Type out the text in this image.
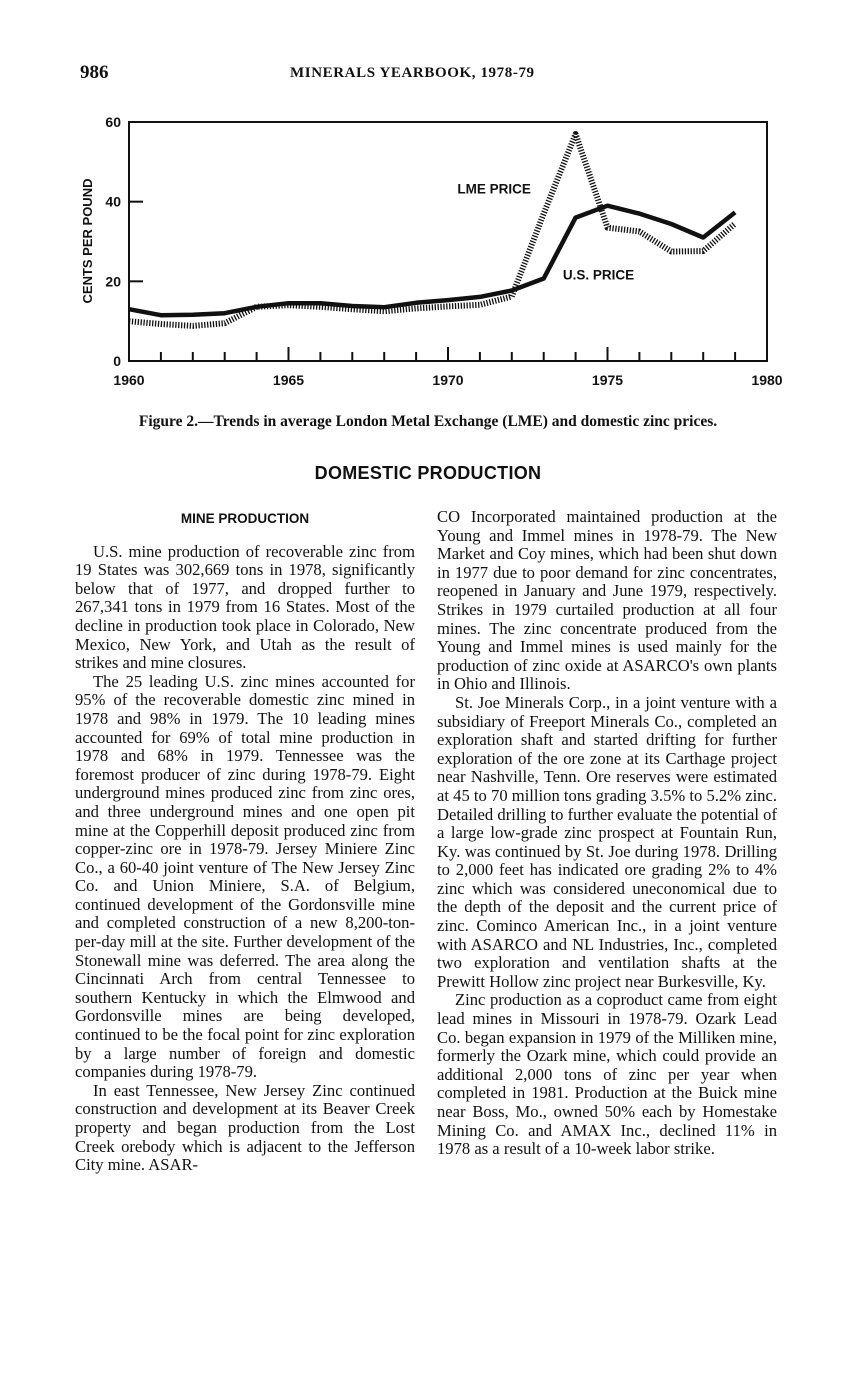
986	MINERALS YEARBOOK, 1978-79
0
20
40
60
1960	1965	1970	1975	1980
CENTS PER POUND	LME PRICE
U.S. PRICE
Figure 2.—Trends in average London Metal Exchange (LME) and domestic zinc prices.
DOMESTIC PRODUCTION
MINE PRODUCTION

U.S. mine production of recoverable zinc from 19 States was 302,669 tons in 1978, significantly below that of 1977, and dropped further to 267,341 tons in 1979 from 16 States. Most of the decline in production took place in Colorado, New Mexico, New York, and Utah as the result of strikes and mine closures.

The 25 leading U.S. zinc mines accounted for 95% of the recoverable domestic zinc mined in 1978 and 98% in 1979. The 10 leading mines accounted for 69% of total mine production in 1978 and 68% in 1979. Tennessee was the foremost producer of zinc during 1978-79. Eight underground mines produced zinc from zinc ores, and three underground mines and one open pit mine at the Copperhill deposit produced zinc from copper-zinc ore in 1978-79. Jersey Miniere Zinc Co., a 60-40 joint venture of The New Jersey Zinc Co. and Union Miniere, S.A. of Belgium, continued development of the Gordonsville mine and completed construction of a new 8,200-ton-per-day mill at the site. Further development of the Stonewall mine was deferred. The area along the Cincinnati Arch from central Tennessee to southern Kentucky in which the Elmwood and Gordonsville mines are being developed, continued to be the focal point for zinc exploration by a large number of foreign and domestic companies during 1978-79.

In east Tennessee, New Jersey Zinc continued construction and development at its Beaver Creek property and began production from the Lost Creek orebody which is adjacent to the Jefferson City mine. ASAR-

CO Incorporated maintained production at the Young and Immel mines in 1978-79. The New Market and Coy mines, which had been shut down in 1977 due to poor demand for zinc concentrates, reopened in January and June 1979, respectively. Strikes in 1979 curtailed production at all four mines. The zinc concentrate produced from the Young and Immel mines is used mainly for the production of zinc oxide at ASARCO's own plants in Ohio and Illinois.

St. Joe Minerals Corp., in a joint venture with a subsidiary of Freeport Minerals Co., completed an exploration shaft and started drifting for further exploration of the ore zone at its Carthage project near Nashville, Tenn. Ore reserves were estimated at 45 to 70 million tons grading 3.5% to 5.2% zinc. Detailed drilling to further evaluate the potential of a large low-grade zinc prospect at Fountain Run, Ky. was continued by St. Joe during 1978. Drilling to 2,000 feet has indicated ore grading 2% to 4% zinc which was considered uneconomical due to the depth of the deposit and the current price of zinc. Cominco American Inc., in a joint venture with ASARCO and NL Industries, Inc., completed two exploration and ventilation shafts at the Prewitt Hollow zinc project near Burkesville, Ky.

Zinc production as a coproduct came from eight lead mines in Missouri in 1978-79. Ozark Lead Co. began expansion in 1979 of the Milliken mine, formerly the Ozark mine, which could provide an additional 2,000 tons of zinc per year when completed in 1981. Production at the Buick mine near Boss, Mo., owned 50% each by Homestake Mining Co. and AMAX Inc., declined 11% in 1978 as a result of a 10-week labor strike.
